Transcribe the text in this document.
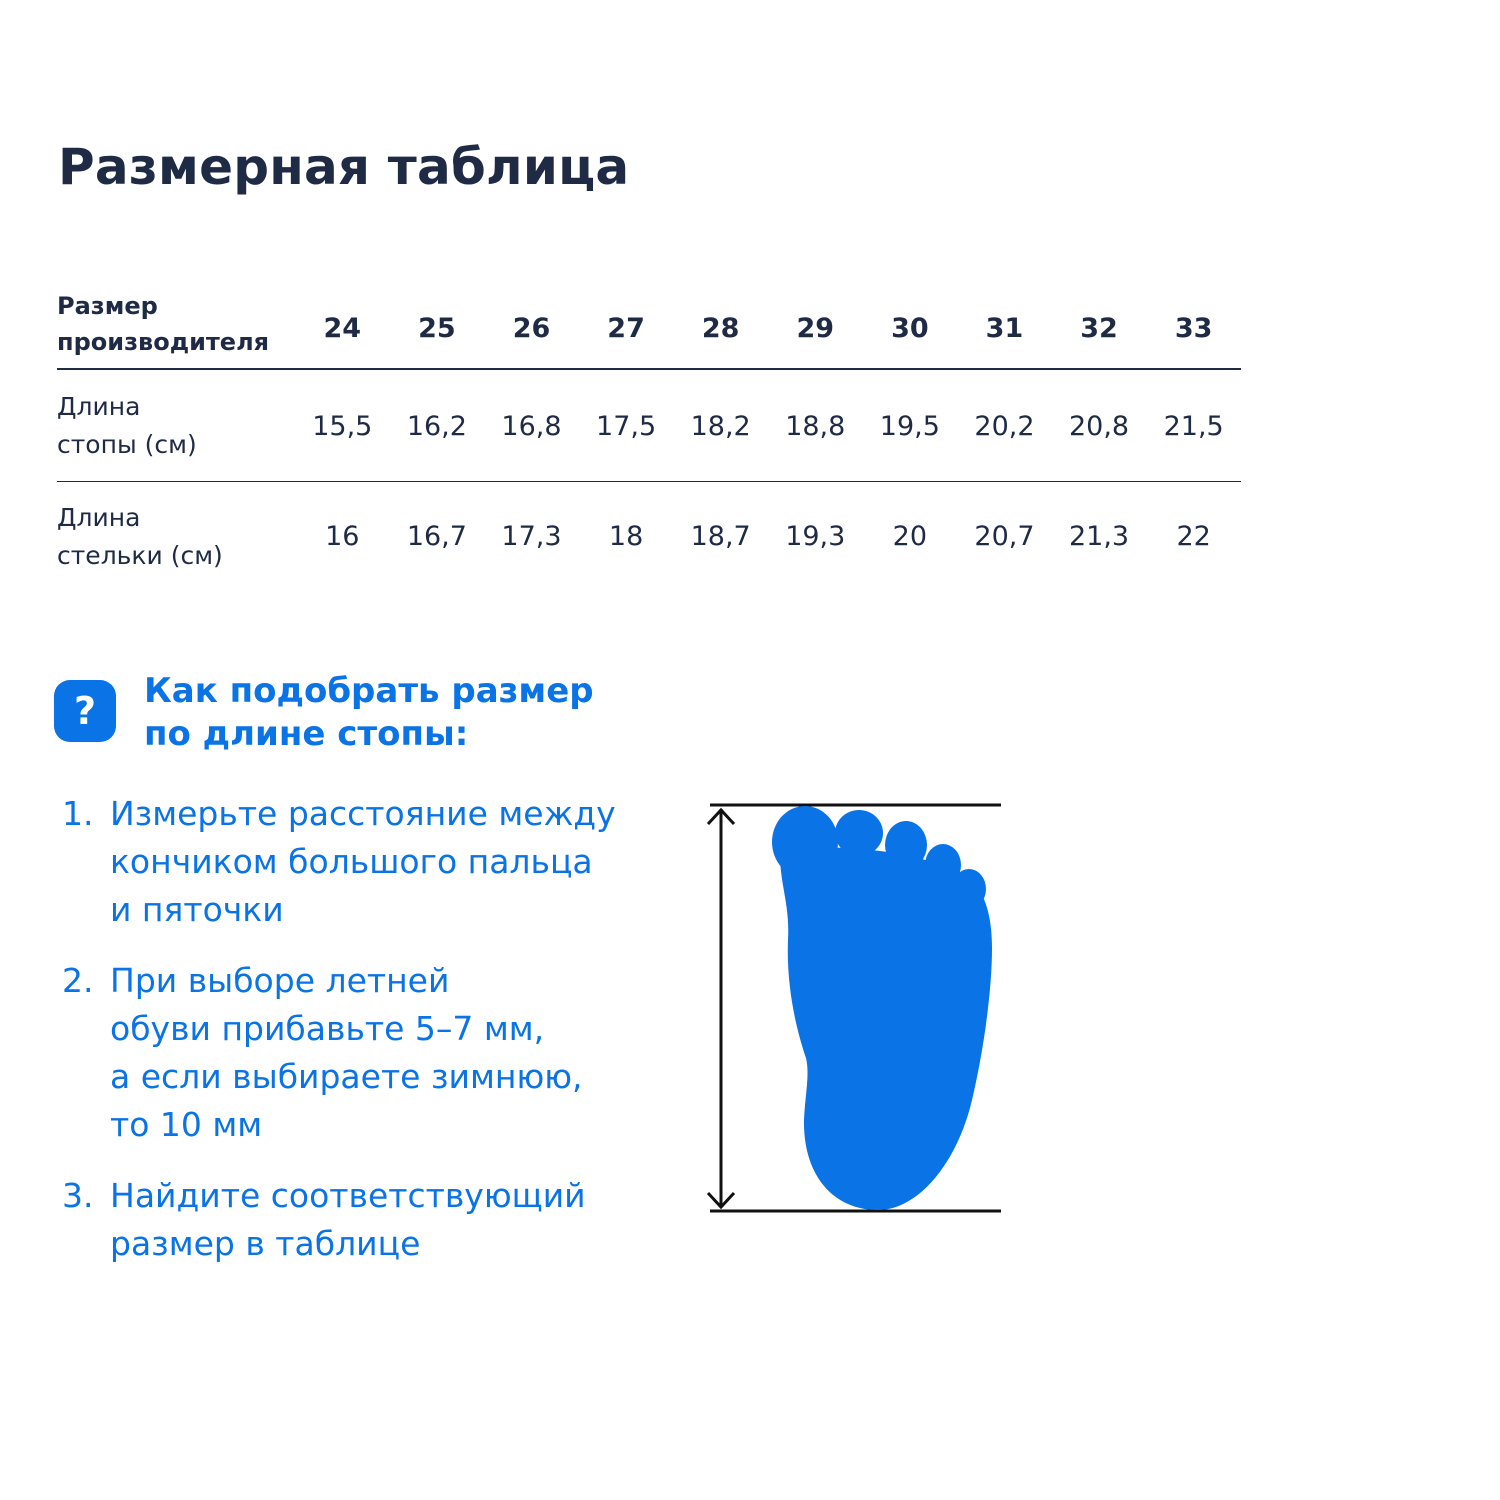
Размерная таблица
Размер
производителя	24	25	26	27	28	29	30	31	32	33
Длина
стопы (см)	15,5	16,2	16,8	17,5	18,2	18,8	19,5	20,2	20,8	21,5
Длина
стельки (см)	16	16,7	17,3	18	18,7	19,3	20	20,7	21,3	22
?	Как подобрать размер
по длине стопы:
1. Измерьте расстояние между
кончиком большого пальца
и пяточки
2. При выборе летней
обуви прибавьте 5–7 мм,
а если выбираете зимнюю,
то 10 мм
3. Найдите соответствующий
размер в таблице
